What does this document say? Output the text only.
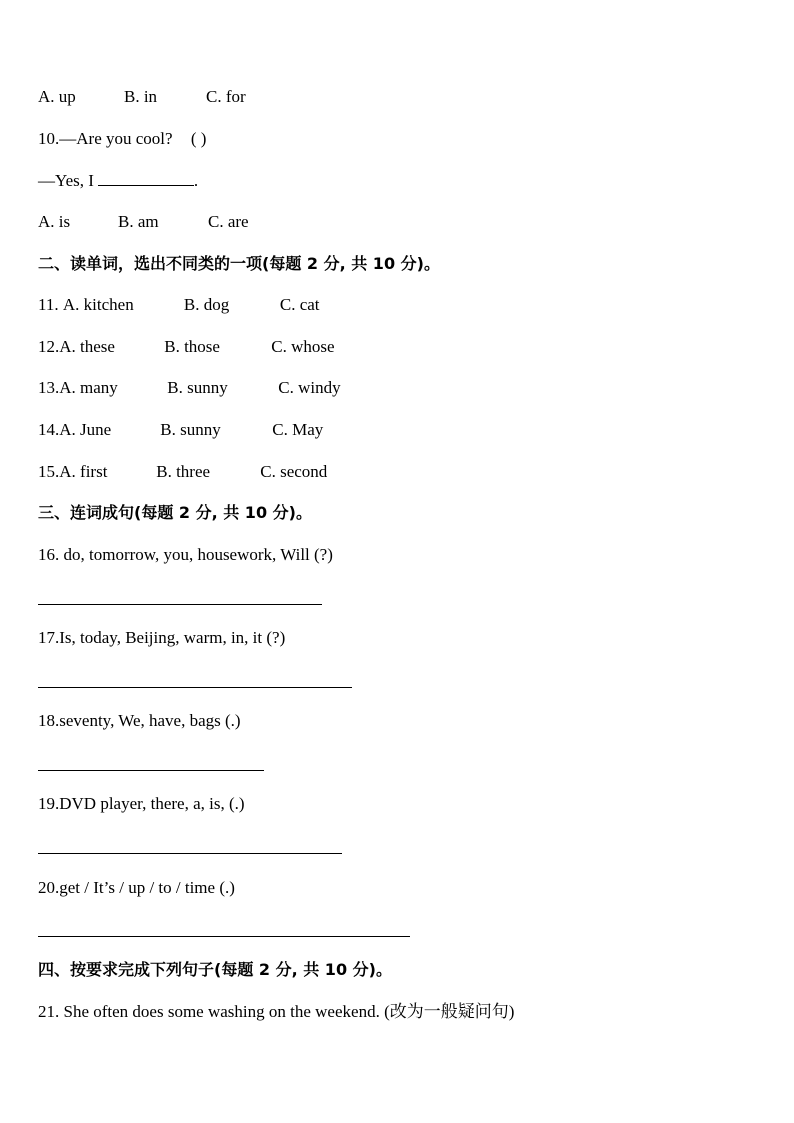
A. up	B. in	C. for
10.—Are you cool? ( )
—Yes, I	.
A. is	B. am	C. are
二、读单词，选出不同类的一项(每题 2 分, 共 10 分)。
11. A. kitchen	B. dog	C. cat
12.A. these	B. those	C. whose
13.A. many	B. sunny	C. windy
14.A. June	B. sunny	C. May
15.A. first	B. three	C. second
三、连词成句(每题 2 分, 共 10 分)。
16. do, tomorrow, you, housework, Will (?)
17.Is, today, Beijing, warm, in, it (?)
18.seventy, We, have, bags (.)
19.DVD player, there, a, is, (.)
20.get / It’s / up / to / time (.)
四、按要求完成下列句子(每题 2 分, 共 10 分)。
21. She often does some washing on the weekend. (改为一般疑问句)
